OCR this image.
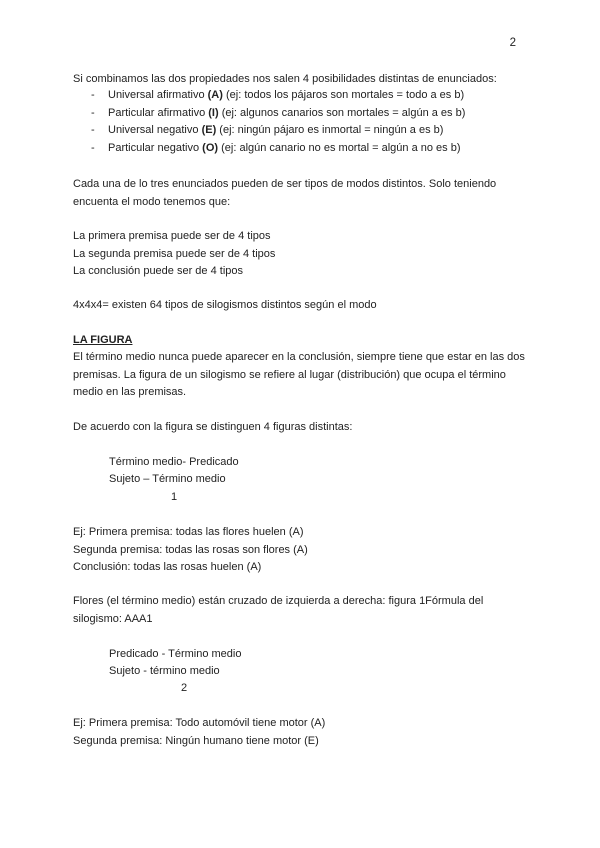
2
Si combinamos las dos propiedades nos salen 4 posibilidades distintas de enunciados:
- Universal afirmativo (A) (ej: todos los pájaros son mortales = todo a es b)
- Particular afirmativo (I) (ej: algunos canarios son mortales = algún a es b)
- Universal negativo (E) (ej: ningún pájaro es inmortal = ningún a es b)
- Particular negativo (O) (ej: algún canario no es mortal = algún a no es b)
Cada una de lo tres enunciados pueden de ser tipos de modos distintos. Solo teniendo
encuenta el modo tenemos que:
La primera premisa puede ser de 4 tipos
La segunda premisa puede ser de 4 tipos
La conclusión puede ser de 4 tipos
4x4x4= existen 64 tipos de silogismos distintos según el modo
LA FIGURA
El término medio nunca puede aparecer en la conclusión, siempre tiene que estar en las dos
premisas. La figura de un silogismo se refiere al lugar (distribución) que ocupa el término
medio en las premisas.
De acuerdo con la figura se distinguen 4 figuras distintas:
Término medio- Predicado
Sujeto – Término medio
1
Ej: Primera premisa: todas las flores huelen (A)
Segunda premisa: todas las rosas son flores (A)
Conclusión: todas las rosas huelen (A)
Flores (el término medio) están cruzado de izquierda a derecha: figura 1Fórmula del
silogismo: AAA1
Predicado - Término medio
Sujeto - término medio
2
Ej: Primera premisa: Todo automóvil tiene motor (A)
Segunda premisa: Ningún humano tiene motor (E)
